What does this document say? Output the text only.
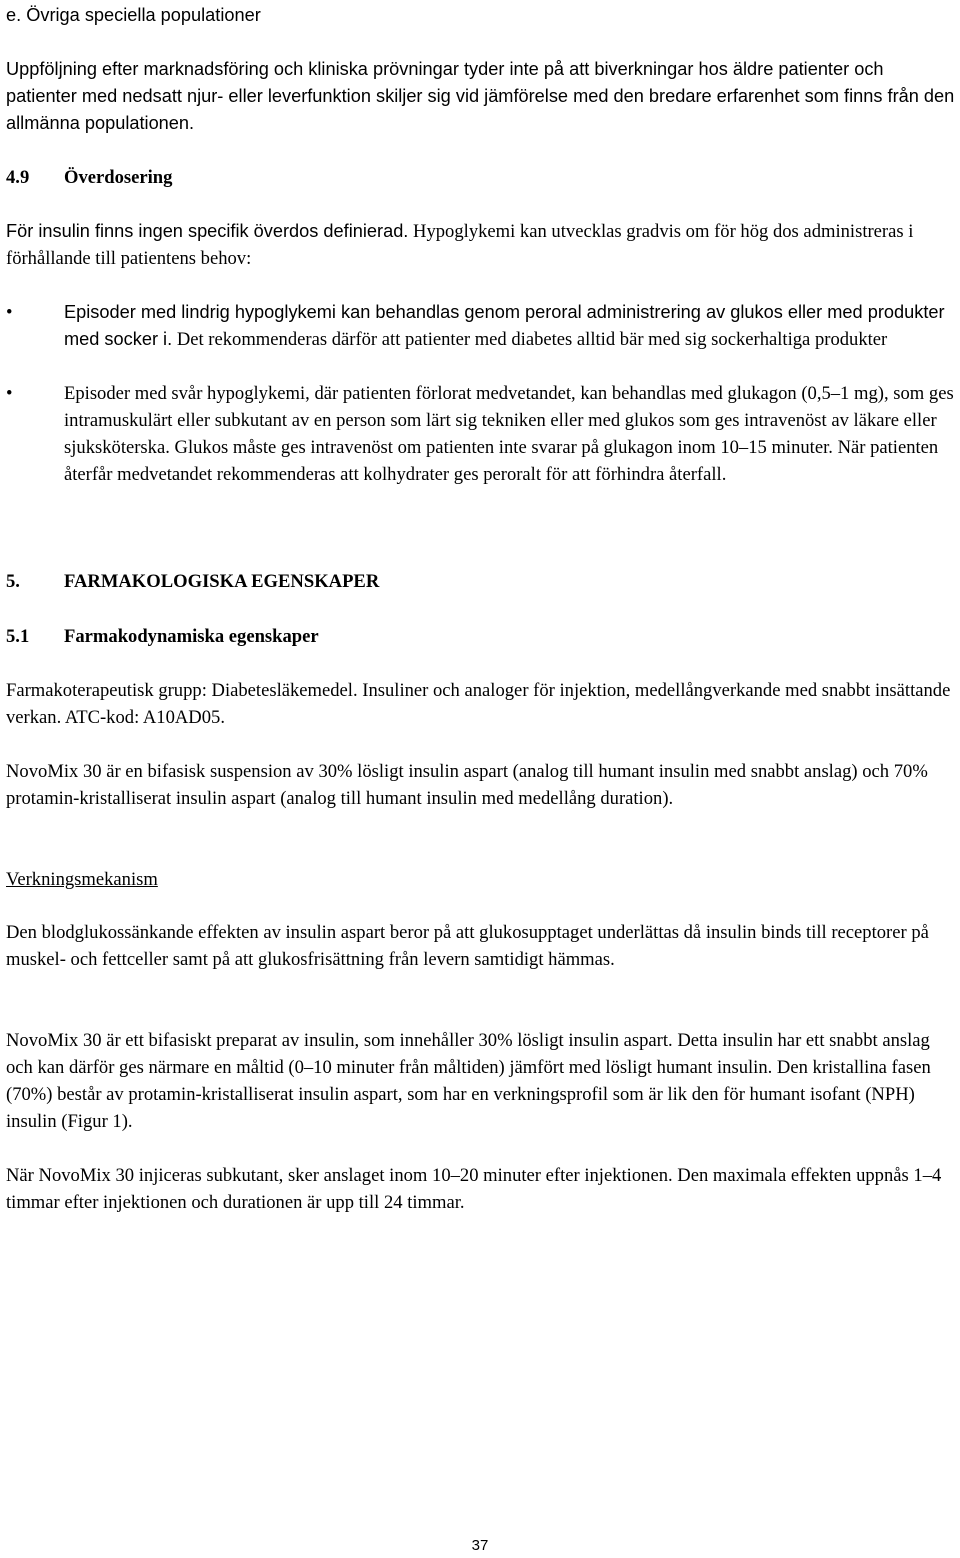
e. Övriga speciella populationer
Uppföljning efter marknadsföring och kliniska prövningar tyder inte på att biverkningar hos äldre patienter och patienter med nedsatt njur- eller leverfunktion skiljer sig vid jämförelse med den bredare erfarenhet som finns från den allmänna populationen.
4.9 Överdosering
För insulin finns ingen specifik överdos definierad. Hypoglykemi kan utvecklas gradvis om för hög dos administreras i förhållande till patientens behov:
•	Episoder med lindrig hypoglykemi kan behandlas genom peroral administrering av glukos eller med produkter med socker i. Det rekommenderas därför att patienter med diabetes alltid bär med sig sockerhaltiga produkter
•	Episoder med svår hypoglykemi, där patienten förlorat medvetandet, kan behandlas med glukagon (0,5–1 mg), som ges intramuskulärt eller subkutant av en person som lärt sig tekniken eller med glukos som ges intravenöst av läkare eller sjuksköterska. Glukos måste ges intravenöst om patienten inte svarar på glukagon inom 10–15 minuter. När patienten återfår medvetandet rekommenderas att kolhydrater ges peroralt för att förhindra återfall.
5. FARMAKOLOGISKA EGENSKAPER
5.1 Farmakodynamiska egenskaper
Farmakoterapeutisk grupp: Diabetesläkemedel. Insuliner och analoger för injektion, medellångverkande med snabbt insättande verkan. ATC-kod: A10AD05.
NovoMix 30 är en bifasisk suspension av 30% lösligt insulin aspart (analog till humant insulin med snabbt anslag) och 70% protamin-kristalliserat insulin aspart (analog till humant insulin med medellång duration).
Verkningsmekanism
Den blodglukossänkande effekten av insulin aspart beror på att glukosupptaget underlättas då insulin binds till receptorer på muskel- och fettceller samt på att glukosfrisättning från levern samtidigt hämmas.
NovoMix 30 är ett bifasiskt preparat av insulin, som innehåller 30% lösligt insulin aspart. Detta insulin har ett snabbt anslag och kan därför ges närmare en måltid (0–10 minuter från måltiden) jämfört med lösligt humant insulin. Den kristallina fasen (70%) består av protamin-kristalliserat insulin aspart, som har en verkningsprofil som är lik den för humant isofant (NPH) insulin (Figur 1).
När NovoMix 30 injiceras subkutant, sker anslaget inom 10–20 minuter efter injektionen. Den maximala effekten uppnås 1–4 timmar efter injektionen och durationen är upp till 24 timmar.
37
